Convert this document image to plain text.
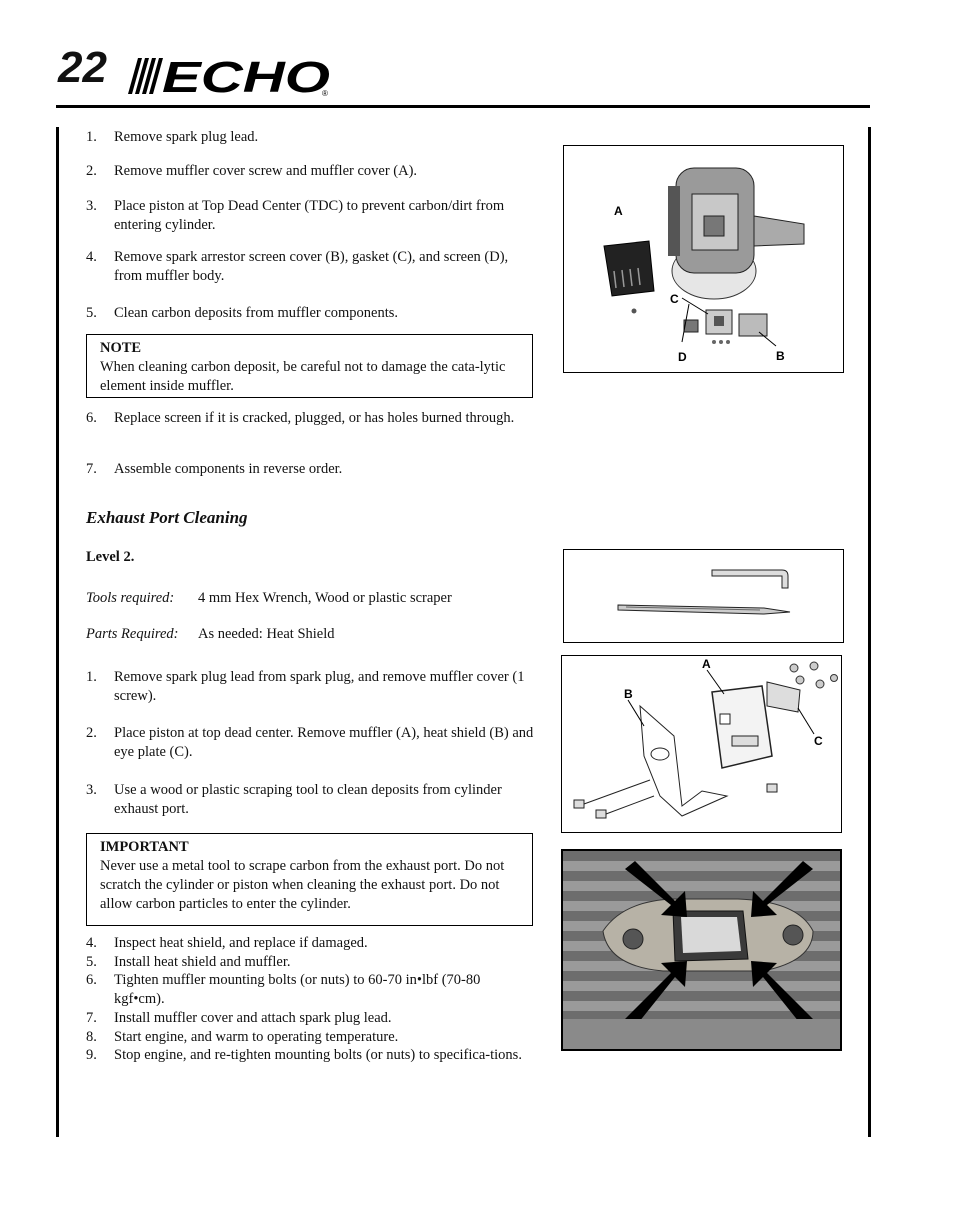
22 ECHO
®
1.	Remove spark plug lead.
2.	Remove muffler cover screw and muffler cover (A).
3.	Place piston at Top Dead Center (TDC) to prevent carbon/dirt from entering cylinder.
4.	Remove spark arrestor screen cover (B), gasket (C), and screen (D), from muffler body.
5.	Clean carbon deposits from muffler components.
NOTE
When cleaning carbon deposit, be careful not to damage the cata-lytic element inside muffler.
6.	Replace screen if it is cracked, plugged, or has holes burned through.
7.	Assemble components in reverse order.
Exhaust Port Cleaning
Level 2.
Tools required: 4 mm Hex Wrench, Wood or plastic scraper
Parts Required: As needed: Heat Shield
1.	Remove spark plug lead from spark plug, and remove muffler cover (1 screw).
2.	Place piston at top dead center. Remove muffler (A), heat shield (B) and eye plate (C).
3.	Use a wood or plastic scraping tool to clean deposits from cylinder exhaust port.
IMPORTANT
Never use a metal tool to scrape carbon from the exhaust port. Do not scratch the cylinder or piston when cleaning the exhaust port. Do not allow carbon particles to enter the cylinder.
4.	Inspect heat shield, and replace if damaged.
5.	Install heat shield and muffler.
6.	Tighten muffler mounting bolts (or nuts) to 60-70 in•lbf (70-80 kgf•cm).
7.	Install muffler cover and attach spark plug lead.
8.	Start engine, and warm to operating temperature.
9.	Stop engine, and re-tighten mounting bolts (or nuts) to specifica-tions.
A
C
D	B
A
B
C
